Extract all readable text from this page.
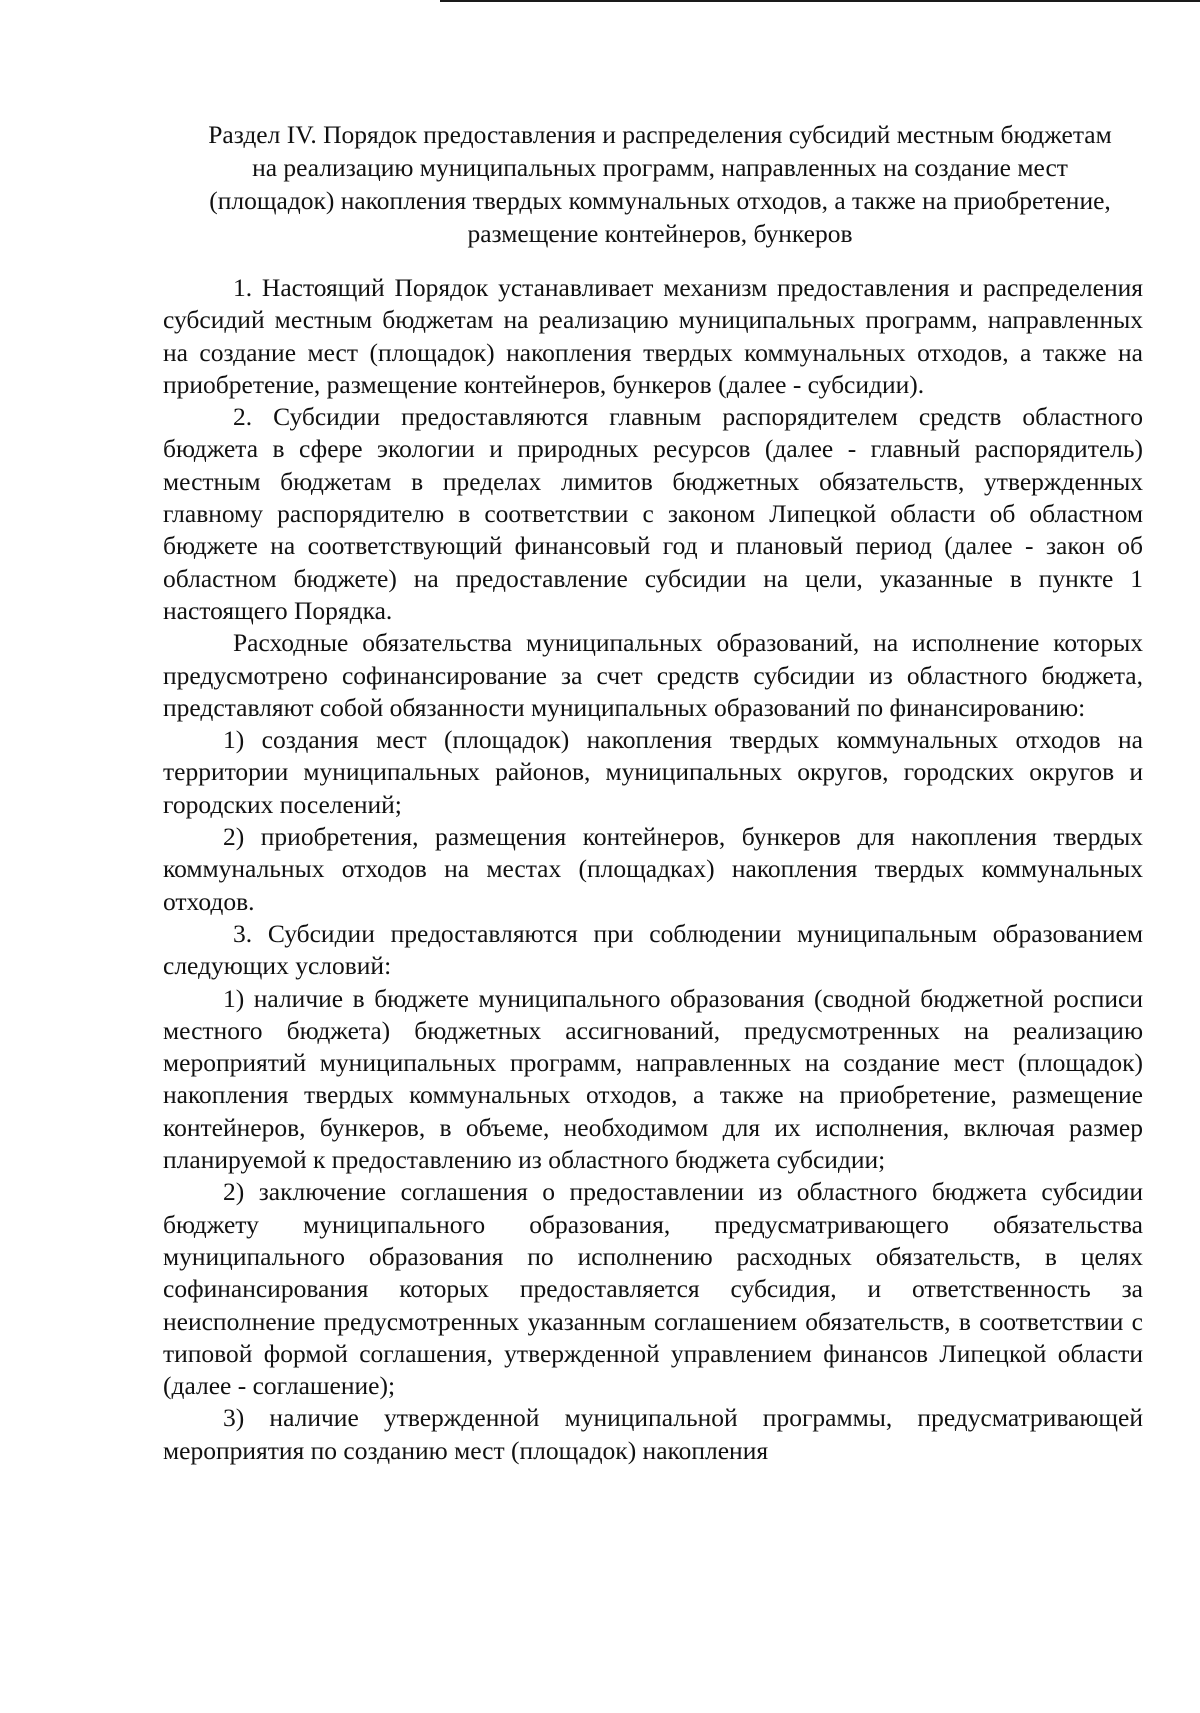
Раздел IV. Порядок предоставления и распределения субсидий местным бюджетам на реализацию муниципальных программ, направленных на создание мест (площадок) накопления твердых коммунальных отходов, а также на приобретение, размещение контейнеров, бункеров

1. Настоящий Порядок устанавливает механизм предоставления и распределения субсидий местным бюджетам на реализацию муниципальных программ, направленных на создание мест (площадок) накопления твердых коммунальных отходов, а также на приобретение, размещение контейнеров, бункеров (далее - субсидии).

2. Субсидии предоставляются главным распорядителем средств областного бюджета в сфере экологии и природных ресурсов (далее - главный распорядитель) местным бюджетам в пределах лимитов бюджетных обязательств, утвержденных главному распорядителю в соответствии с законом Липецкой области об областном бюджете на соответствующий финансовый год и плановый период (далее - закон об областном бюджете) на предоставление субсидии на цели, указанные в пункте 1 настоящего Порядка.

Расходные обязательства муниципальных образований, на исполнение которых предусмотрено софинансирование за счет средств субсидии из областного бюджета, представляют собой обязанности муниципальных образований по финансированию:

1) создания мест (площадок) накопления твердых коммунальных отходов на территории муниципальных районов, муниципальных округов, городских округов и городских поселений;

2) приобретения, размещения контейнеров, бункеров для накопления твердых коммунальных отходов на местах (площадках) накопления твердых коммунальных отходов.

3. Субсидии предоставляются при соблюдении муниципальным образованием следующих условий:

1) наличие в бюджете муниципального образования (сводной бюджетной росписи местного бюджета) бюджетных ассигнований, предусмотренных на реализацию мероприятий муниципальных программ, направленных на создание мест (площадок) накопления твердых коммунальных отходов, а также на приобретение, размещение контейнеров, бункеров, в объеме, необходимом для их исполнения, включая размер планируемой к предоставлению из областного бюджета субсидии;

2) заключение соглашения о предоставлении из областного бюджета субсидии бюджету муниципального образования, предусматривающего обязательства муниципального образования по исполнению расходных обязательств, в целях софинансирования которых предоставляется субсидия, и ответственность за неисполнение предусмотренных указанным соглашением обязательств, в соответствии с типовой формой соглашения, утвержденной управлением финансов Липецкой области (далее - соглашение);

3) наличие утвержденной муниципальной программы, предусматривающей мероприятия по созданию мест (площадок) накопления
